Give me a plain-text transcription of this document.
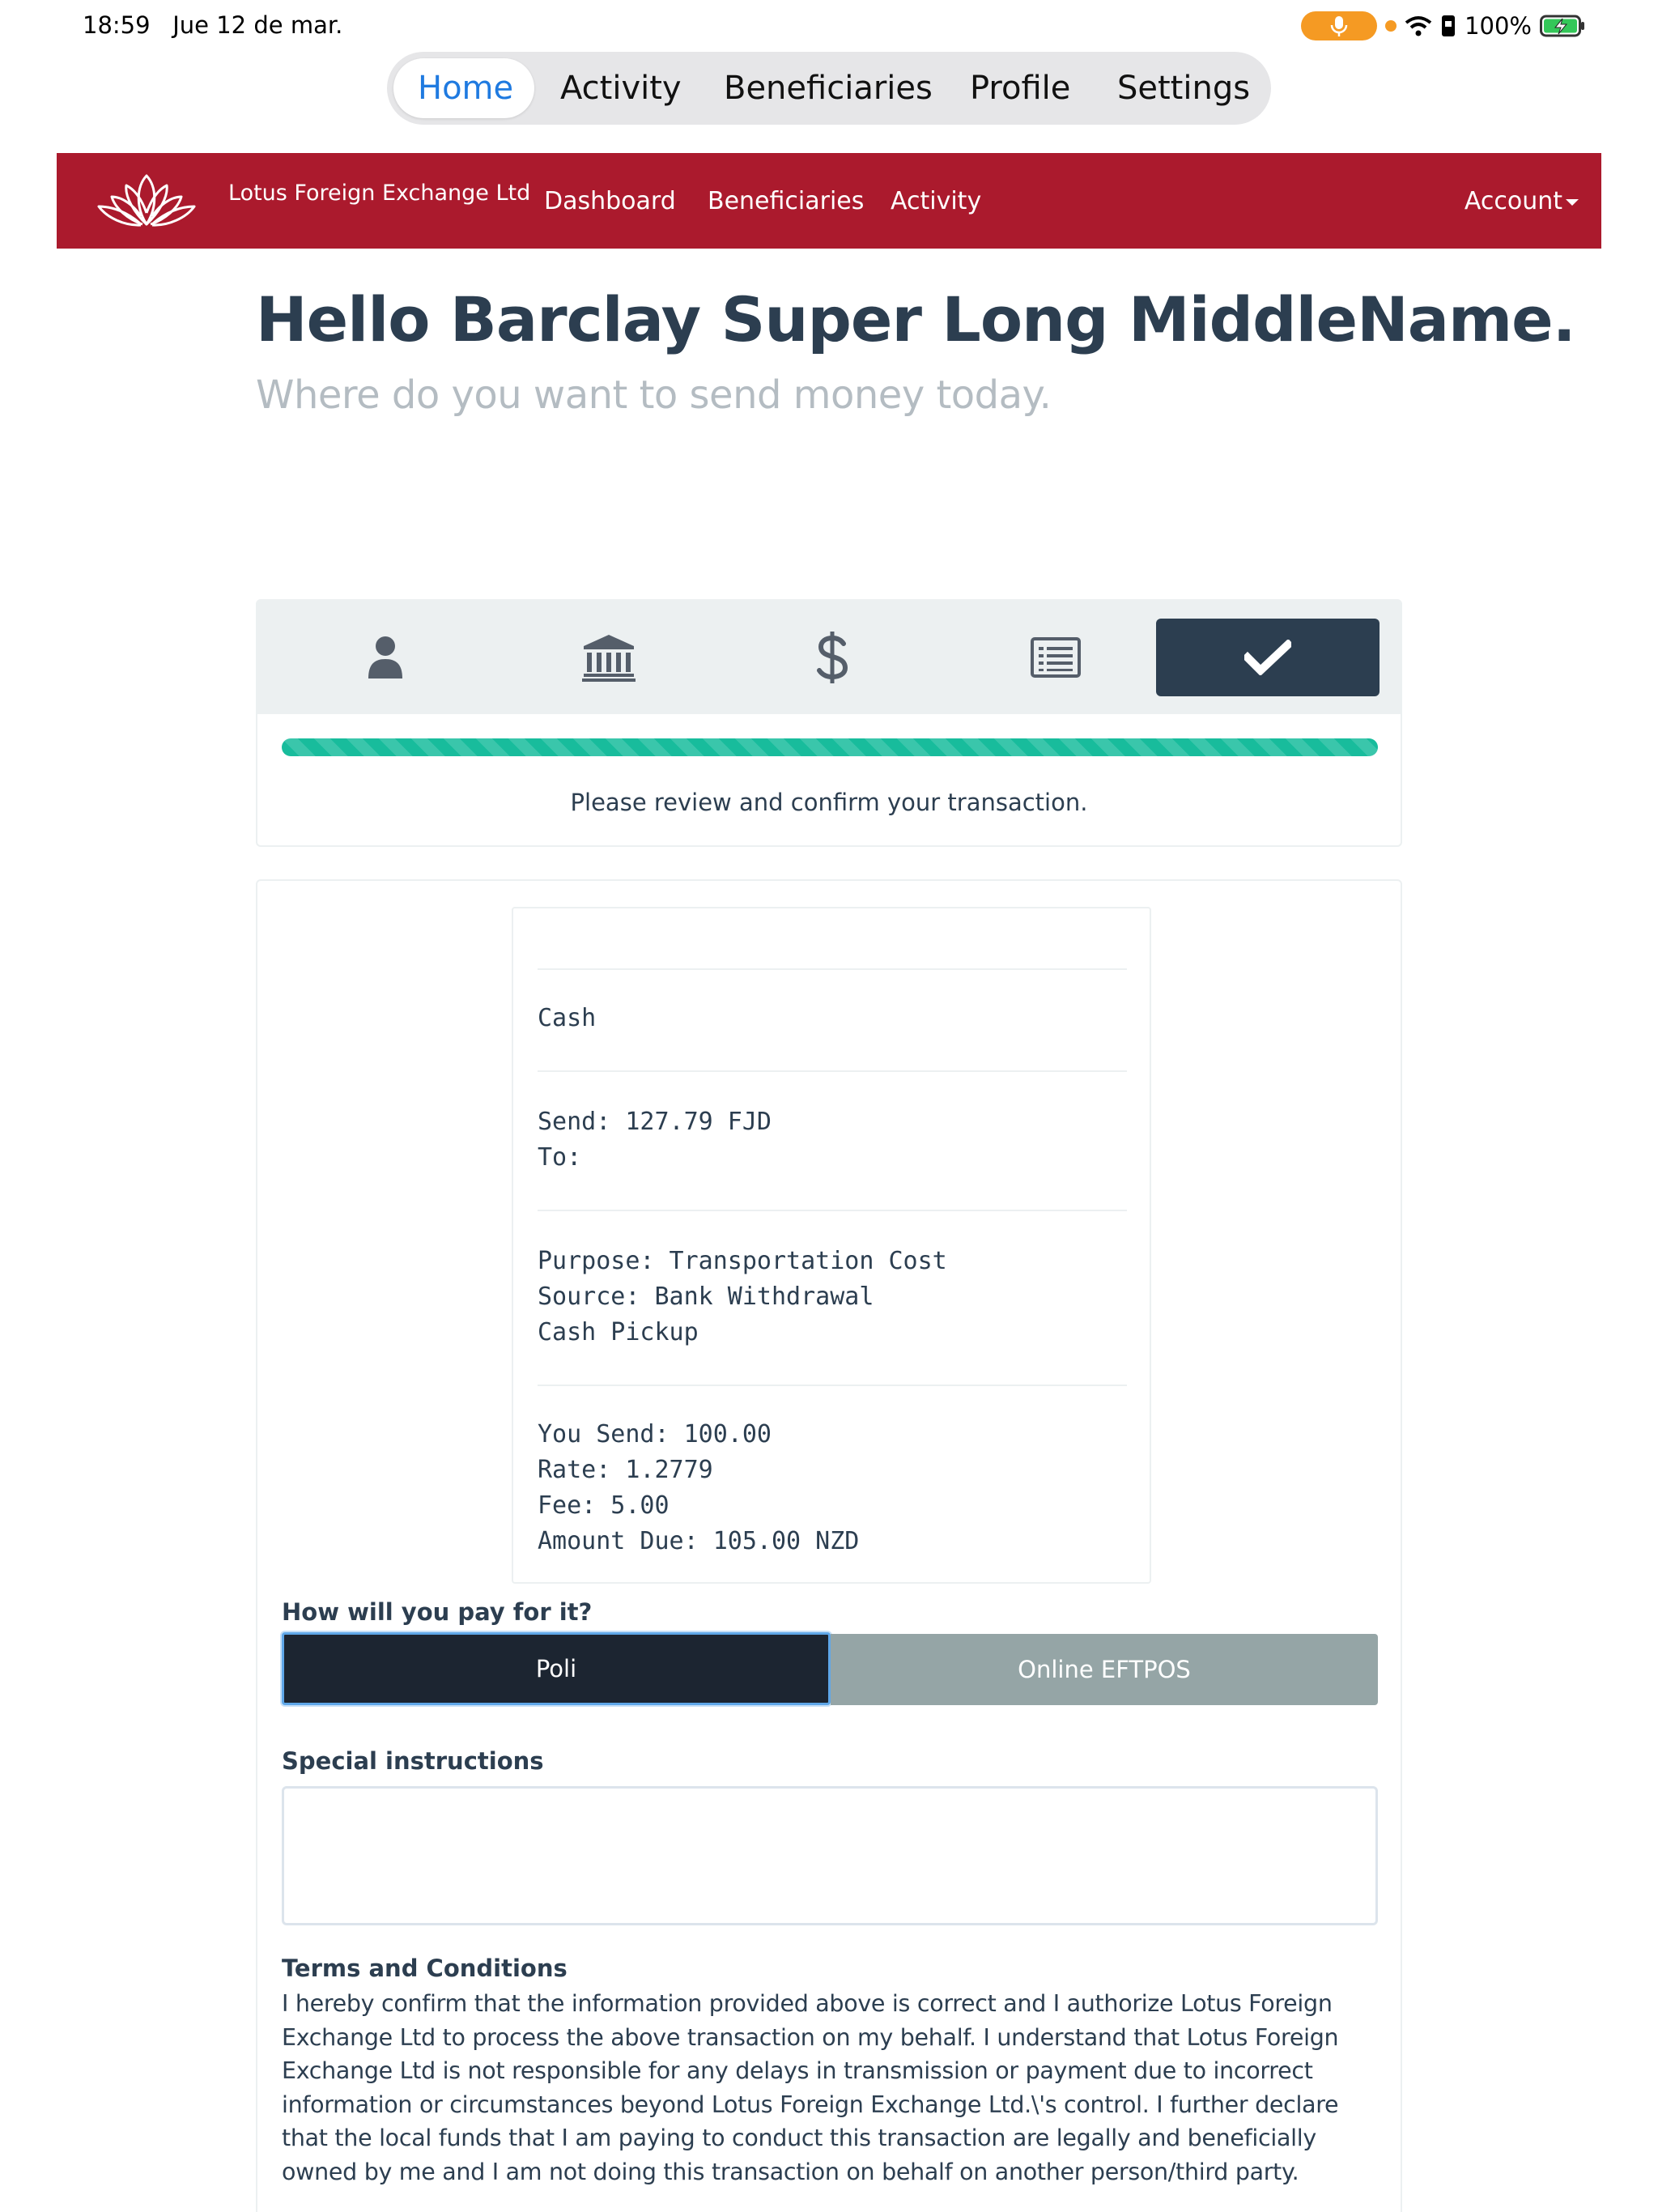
18:59 Jue 12 de mar.	100%
Home Activity Beneficiaries Profile Settings
Lotus Foreign Exchange Ltd Dashboard Beneficiaries Activity	Account
Hello Barclay Super Long MiddleName.
Where do you want to send money today.
Please review and confirm your transaction.
Cash
Send: 127.79 FJD
To:
Purpose: Transportation Cost
Source: Bank Withdrawal
Cash Pickup
You Send: 100.00
Rate: 1.2779
Fee: 5.00
Amount Due: 105.00 NZD
How will you pay for it?
Poli	Online EFTPOS
Special instructions
Terms and Conditions
I hereby confirm that the information provided above is correct and I authorize Lotus Foreign Exchange Ltd to process the above transaction on my behalf. I understand that Lotus Foreign Exchange Ltd is not responsible for any delays in transmission or payment due to incorrect information or circumstances beyond Lotus Foreign Exchange Ltd.\'s control. I further declare that the local funds that I am paying to conduct this transaction are legally and beneficially owned by me and I am not doing this transaction on behalf on another person/third party.
